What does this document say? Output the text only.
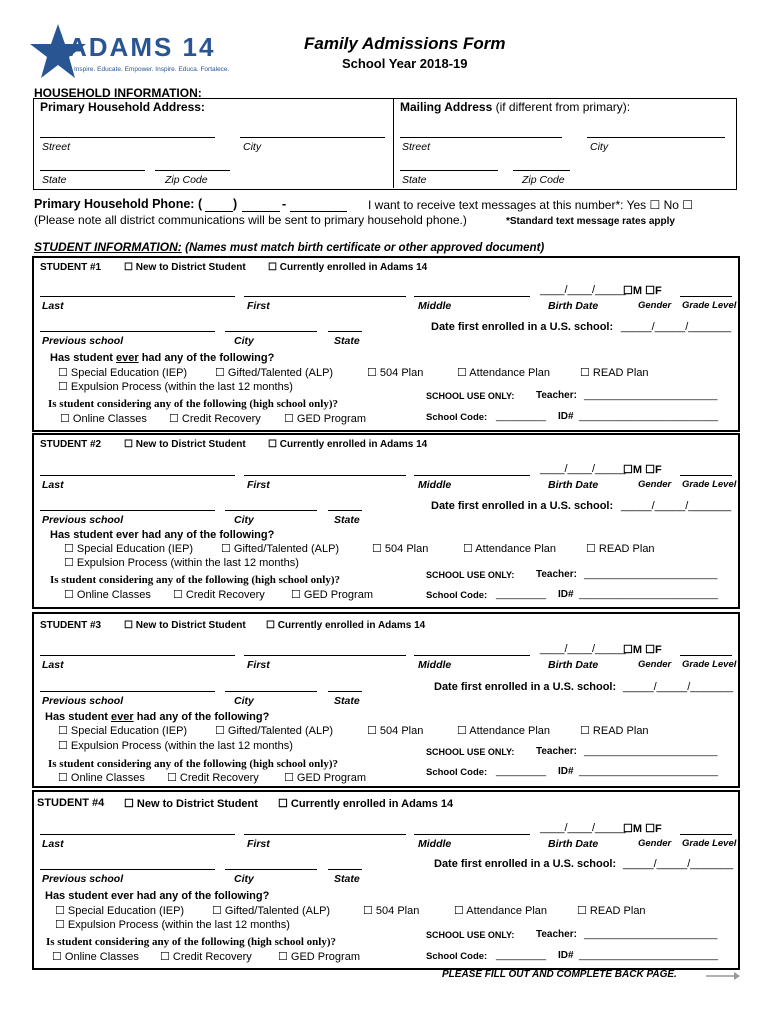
ADAMS 14
Inspire. Educate. Empower. Inspire. Educa. Fortalece.
Family Admissions Form
School Year 2018-19
HOUSEHOLD INFORMATION:
Primary Household Address:	Mailing Address (if different from primary):
Street	City	Street	City
State	Zip Code	State	Zip Code
Primary Household Phone: ( )	-	I want to receive text messages at this number*: Yes ☐ No ☐
(Please note all district communications will be sent to primary household phone.)	*Standard text message rates apply
STUDENT INFORMATION: (Names must match birth certificate or other approved document)
STUDENT #1 ☐ New to District Student ☐ Currently enrolled in Adams 14
____/____/_____
☐M ☐F
Last	First	Middle	Birth Date	Gender Grade Level
Date first enrolled in a U.S. school: _____/_____/_______
Previous school	City	State
Has student ever had any of the following?
☐ Special Education (IEP)	☐ Gifted/Talented (ALP)	☐ 504 Plan	☐ Attendance Plan	☐ READ Plan
☐ Expulsion Process (within the last 12 months)
Is student considering any of the following (high school only)?
☐ Online Classes ☐ Credit Recovery ☐ GED Program
SCHOOL USE ONLY: Teacher: ________________________
School Code: _________ ID# _________________________
STUDENT #2 ☐ New to District Student ☐ Currently enrolled in Adams 14
____/____/_____
☐M ☐F
Last	First	Middle	Birth Date	Gender Grade Level
Date first enrolled in a U.S. school: _____/_____/_______
Previous school	City	State
Has student ever had any of the following?
☐ Special Education (IEP)	☐ Gifted/Talented (ALP)	☐ 504 Plan	☐ Attendance Plan	☐ READ Plan
☐ Expulsion Process (within the last 12 months)
Is student considering any of the following (high school only)?
☐ Online Classes ☐ Credit Recovery ☐ GED Program
SCHOOL USE ONLY: Teacher: ________________________
School Code: _________ ID# _________________________
STUDENT #3 ☐ New to District Student ☐ Currently enrolled in Adams 14
____/____/_____
☐M ☐F
Last	First	Middle	Birth Date	Gender Grade Level
Date first enrolled in a U.S. school: _____/_____/_______
Previous school	City	State
Has student ever had any of the following?
☐ Special Education (IEP)	☐ Gifted/Talented (ALP)	☐ 504 Plan	☐ Attendance Plan	☐ READ Plan
☐ Expulsion Process (within the last 12 months)
Is student considering any of the following (high school only)?
☐ Online Classes ☐ Credit Recovery ☐ GED Program
SCHOOL USE ONLY: Teacher: ________________________
School Code: _________ ID# _________________________
STUDENT #4 ☐ New to District Student ☐ Currently enrolled in Adams 14
____/____/_____
☐M ☐F
Last	First	Middle	Birth Date	Gender Grade Level
Date first enrolled in a U.S. school: _____/_____/_______
Previous school	City	State
Has student ever had any of the following?
☐ Special Education (IEP)	☐ Gifted/Talented (ALP)	☐ 504 Plan	☐ Attendance Plan	☐ READ Plan
☐ Expulsion Process (within the last 12 months)
Is student considering any of the following (high school only)?
☐ Online Classes ☐ Credit Recovery ☐ GED Program
SCHOOL USE ONLY: Teacher: ________________________
School Code: _________ ID# _________________________
PLEASE FILL OUT AND COMPLETE BACK PAGE.
